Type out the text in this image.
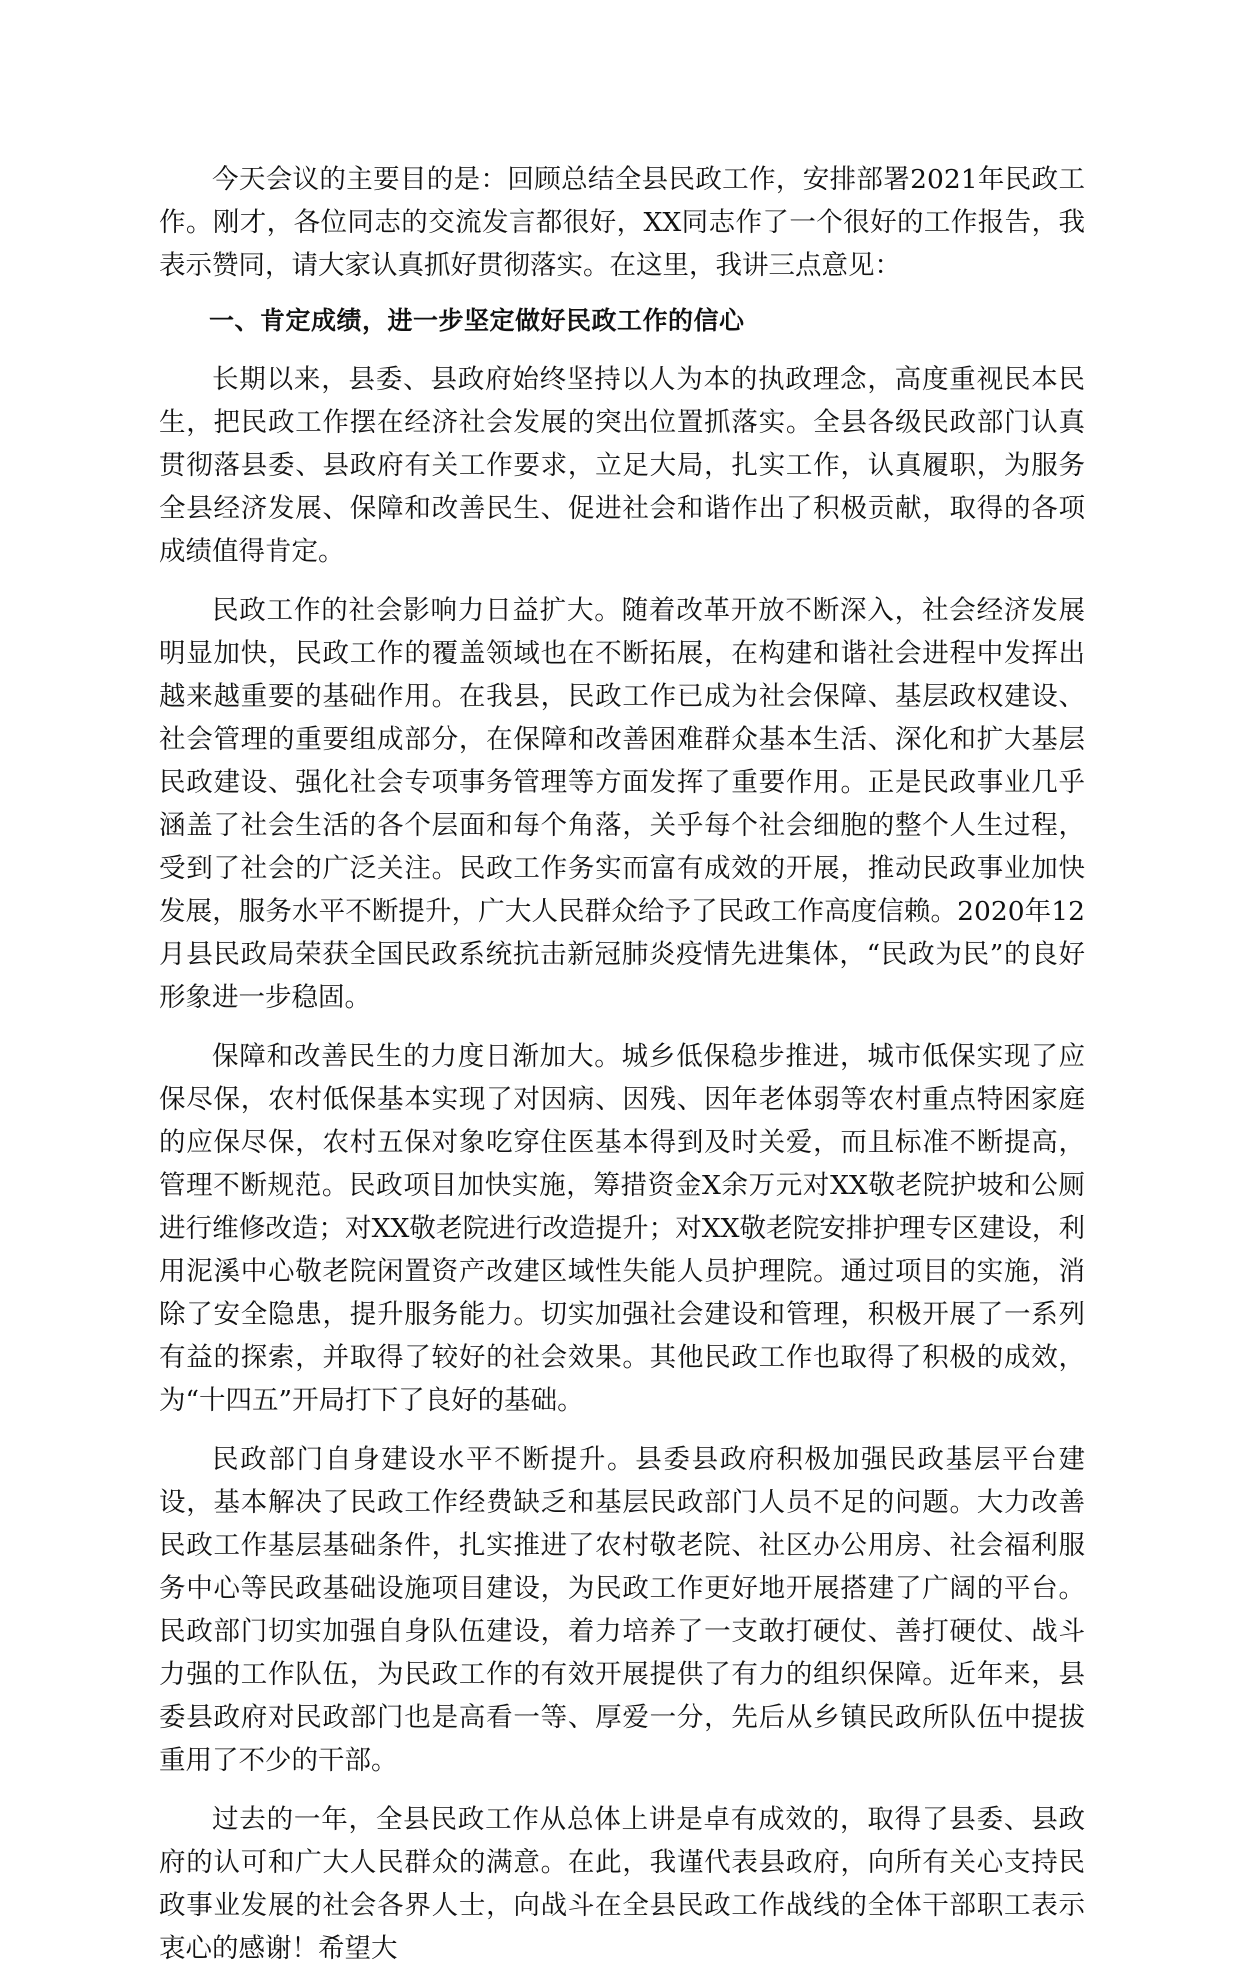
今天会议的主要目的是：回顾总结全县民政工作，安排部署2021年民政工作。刚才，各位同志的交流发言都很好，XX同志作了一个很好的工作报告，我表示赞同，请大家认真抓好贯彻落实。在这里，我讲三点意见：

一、肯定成绩，进一步坚定做好民政工作的信心

长期以来，县委、县政府始终坚持以人为本的执政理念，高度重视民本民生，把民政工作摆在经济社会发展的突出位置抓落实。全县各级民政部门认真贯彻落县委、县政府有关工作要求，立足大局，扎实工作，认真履职，为服务全县经济发展、保障和改善民生、促进社会和谐作出了积极贡献，取得的各项成绩值得肯定。

民政工作的社会影响力日益扩大。随着改革开放不断深入，社会经济发展明显加快，民政工作的覆盖领域也在不断拓展，在构建和谐社会进程中发挥出越来越重要的基础作用。在我县，民政工作已成为社会保障、基层政权建设、社会管理的重要组成部分，在保障和改善困难群众基本生活、深化和扩大基层民政建设、强化社会专项事务管理等方面发挥了重要作用。正是民政事业几乎涵盖了社会生活的各个层面和每个角落，关乎每个社会细胞的整个人生过程，受到了社会的广泛关注。民政工作务实而富有成效的开展，推动民政事业加快发展，服务水平不断提升，广大人民群众给予了民政工作高度信赖。2020年12月县民政局荣获全国民政系统抗击新冠肺炎疫情先进集体，“民政为民”的良好形象进一步稳固。

保障和改善民生的力度日渐加大。城乡低保稳步推进，城市低保实现了应保尽保，农村低保基本实现了对因病、因残、因年老体弱等农村重点特困家庭的应保尽保，农村五保对象吃穿住医基本得到及时关爱，而且标准不断提高，管理不断规范。民政项目加快实施，筹措资金X余万元对XX敬老院护坡和公厕进行维修改造；对XX敬老院进行改造提升；对XX敬老院安排护理专区建设，利用泥溪中心敬老院闲置资产改建区域性失能人员护理院。通过项目的实施，消除了安全隐患，提升服务能力。切实加强社会建设和管理，积极开展了一系列有益的探索，并取得了较好的社会效果。其他民政工作也取得了积极的成效，为“十四五”开局打下了良好的基础。

民政部门自身建设水平不断提升。县委县政府积极加强民政基层平台建设，基本解决了民政工作经费缺乏和基层民政部门人员不足的问题。大力改善民政工作基层基础条件，扎实推进了农村敬老院、社区办公用房、社会福利服务中心等民政基础设施项目建设，为民政工作更好地开展搭建了广阔的平台。民政部门切实加强自身队伍建设，着力培养了一支敢打硬仗、善打硬仗、战斗力强的工作队伍，为民政工作的有效开展提供了有力的组织保障。近年来，县委县政府对民政部门也是高看一等、厚爱一分，先后从乡镇民政所队伍中提拔重用了不少的干部。

过去的一年，全县民政工作从总体上讲是卓有成效的，取得了县委、县政府的认可和广大人民群众的满意。在此，我谨代表县政府，向所有关心支持民政事业发展的社会各界人士，向战斗在全县民政工作战线的全体干部职工表示衷心的感谢！希望大
